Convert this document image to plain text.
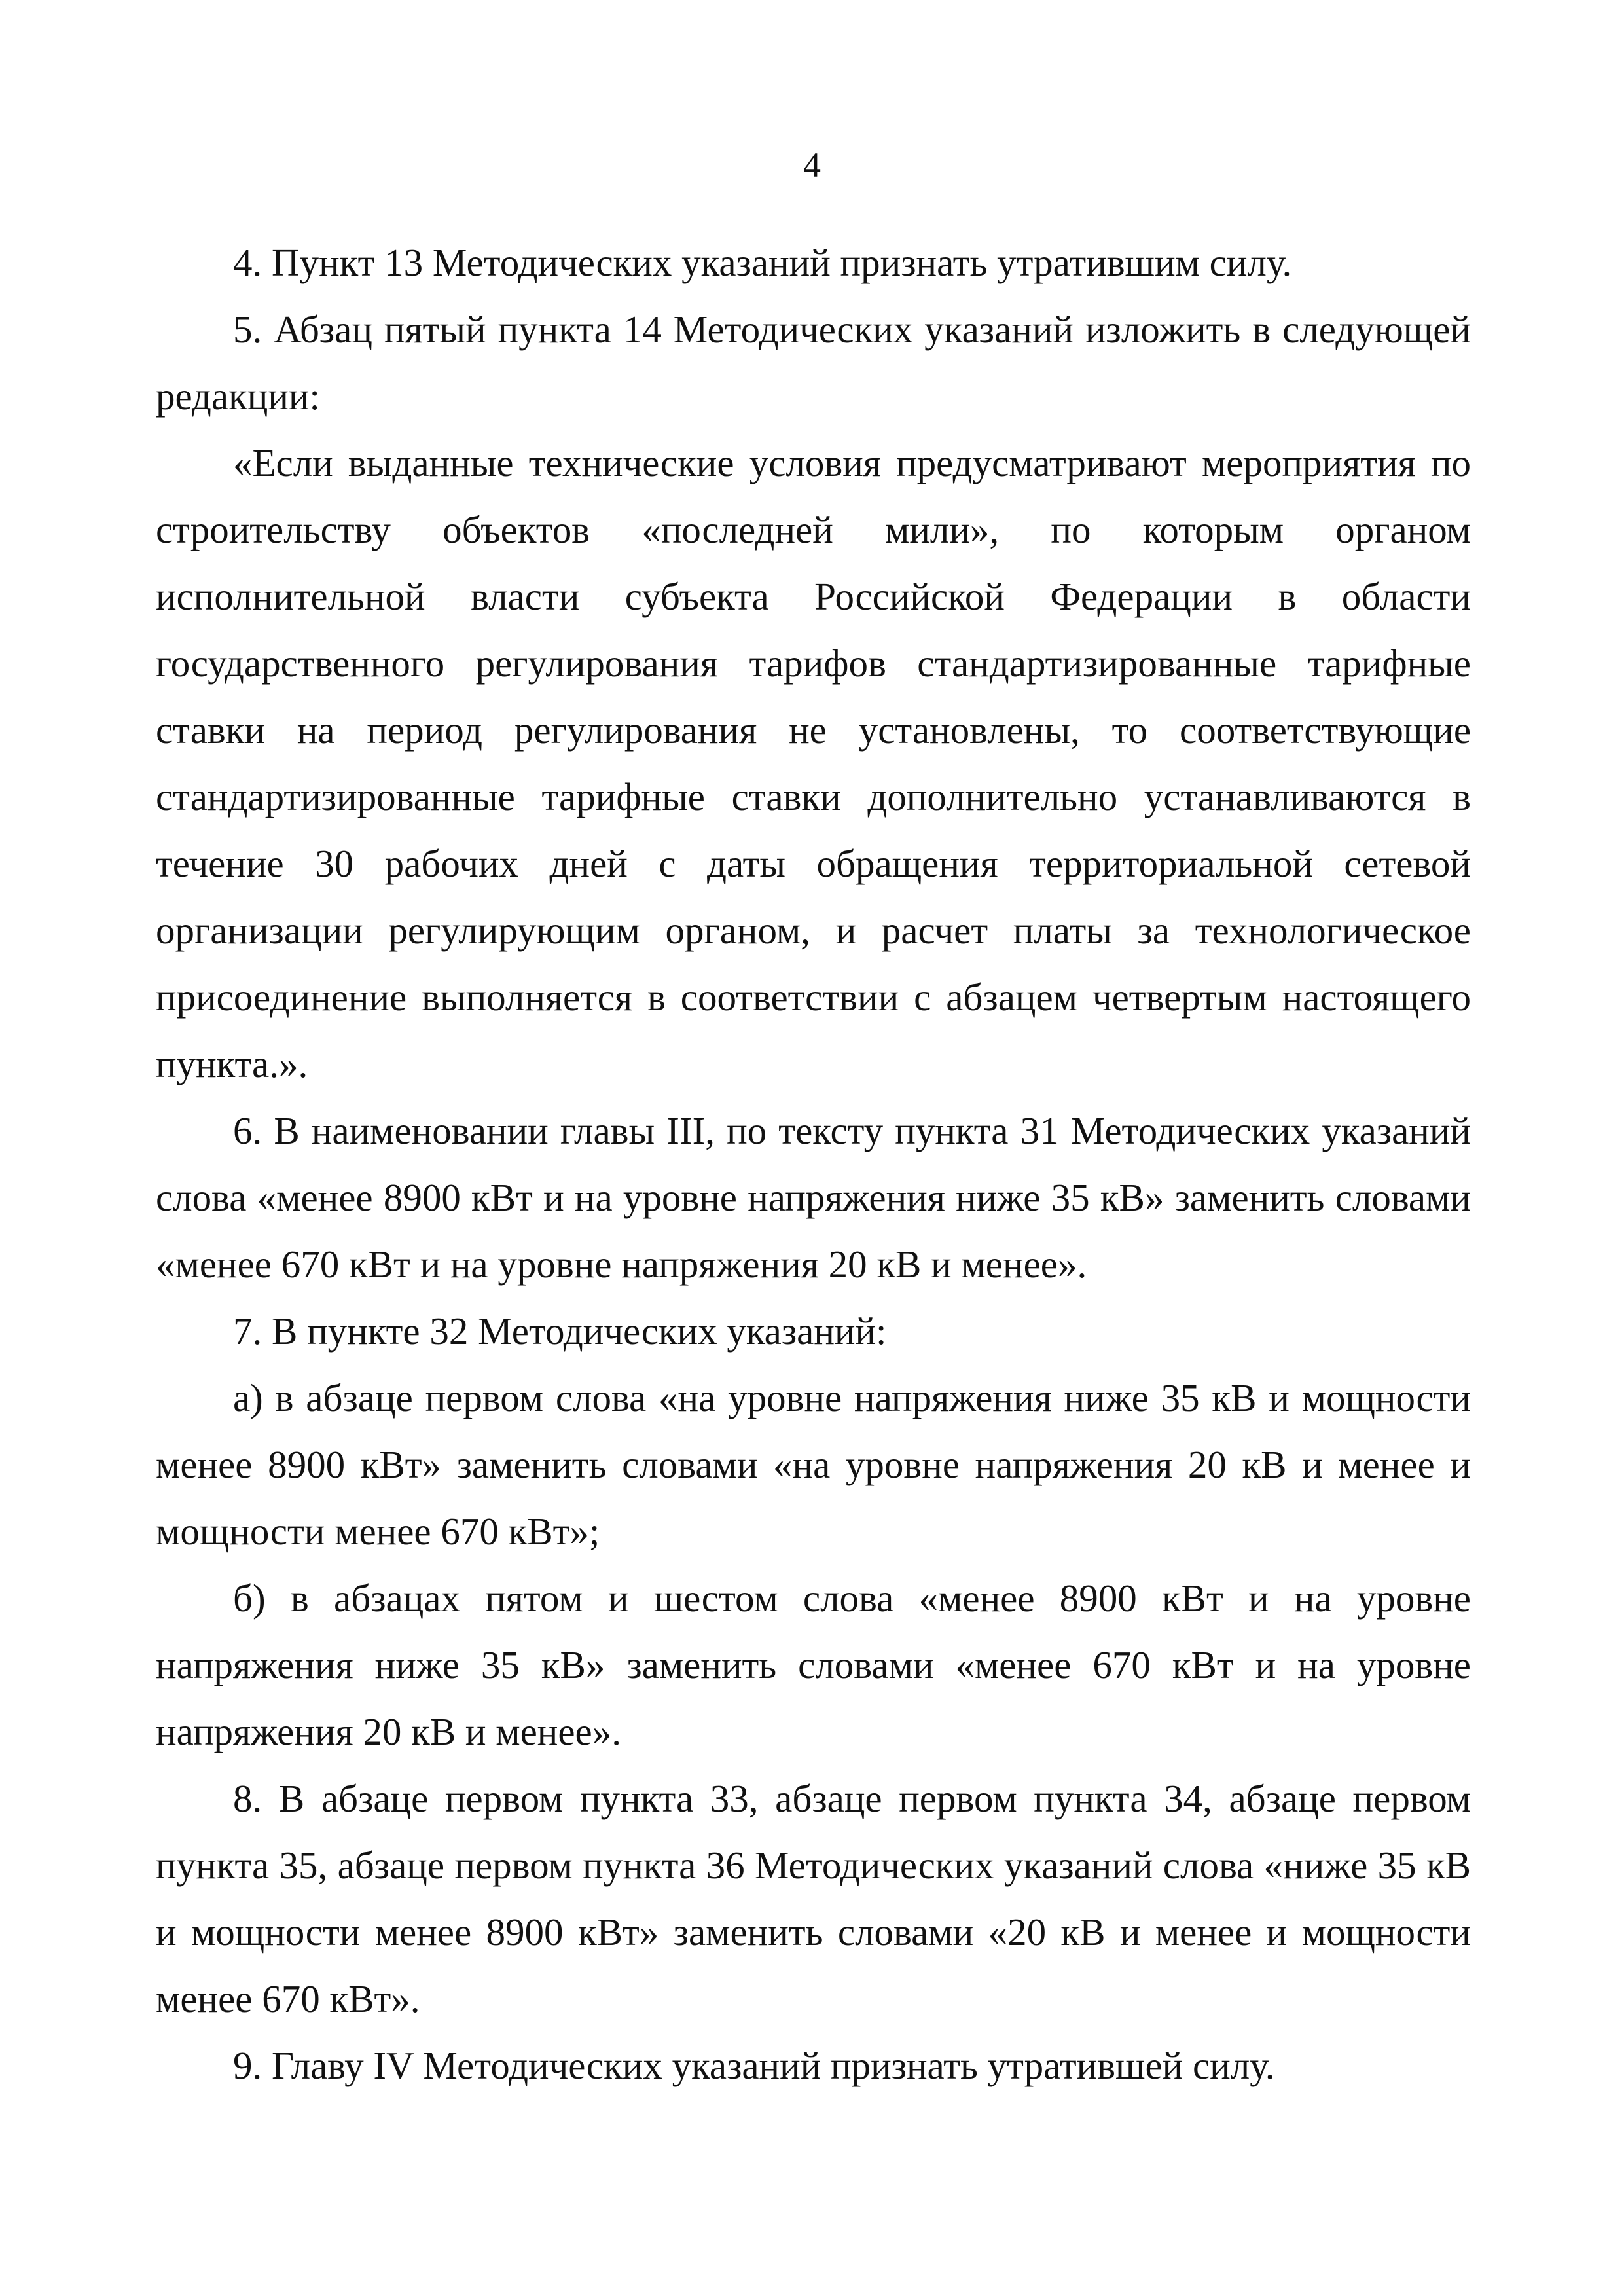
4

4. Пункт 13 Методических указаний признать утратившим силу.

5. Абзац пятый пункта 14 Методических указаний изложить в следующей редакции:

«Если выданные технические условия предусматривают мероприятия по строительству объектов «последней мили», по которым органом исполнительной власти субъекта Российской Федерации в области государственного регулирования тарифов стандартизированные тарифные ставки на период регулирования не установлены, то соответствующие стандартизированные тарифные ставки дополнительно устанавливаются в течение 30 рабочих дней с даты обращения территориальной сетевой организации регулирующим органом, и расчет платы за технологическое присоединение выполняется в соответствии с абзацем четвертым настоящего пункта.».

6. В наименовании главы III, по тексту пункта 31 Методических указаний слова «менее 8900 кВт и на уровне напряжения ниже 35 кВ» заменить словами «менее 670 кВт и на уровне напряжения 20 кВ и менее».

7. В пункте 32 Методических указаний:

а) в абзаце первом слова «на уровне напряжения ниже 35 кВ и мощности менее 8900 кВт» заменить словами «на уровне напряжения 20 кВ и менее и мощности менее 670 кВт»;

б) в абзацах пятом и шестом слова «менее 8900 кВт и на уровне напряжения ниже 35 кВ» заменить словами «менее 670 кВт и на уровне напряжения 20 кВ и менее».

8. В абзаце первом пункта 33, абзаце первом пункта 34, абзаце первом пункта 35, абзаце первом пункта 36 Методических указаний слова «ниже 35 кВ и мощности менее 8900 кВт» заменить словами «20 кВ и менее и мощности менее 670 кВт».

9. Главу IV Методических указаний признать утратившей силу.
